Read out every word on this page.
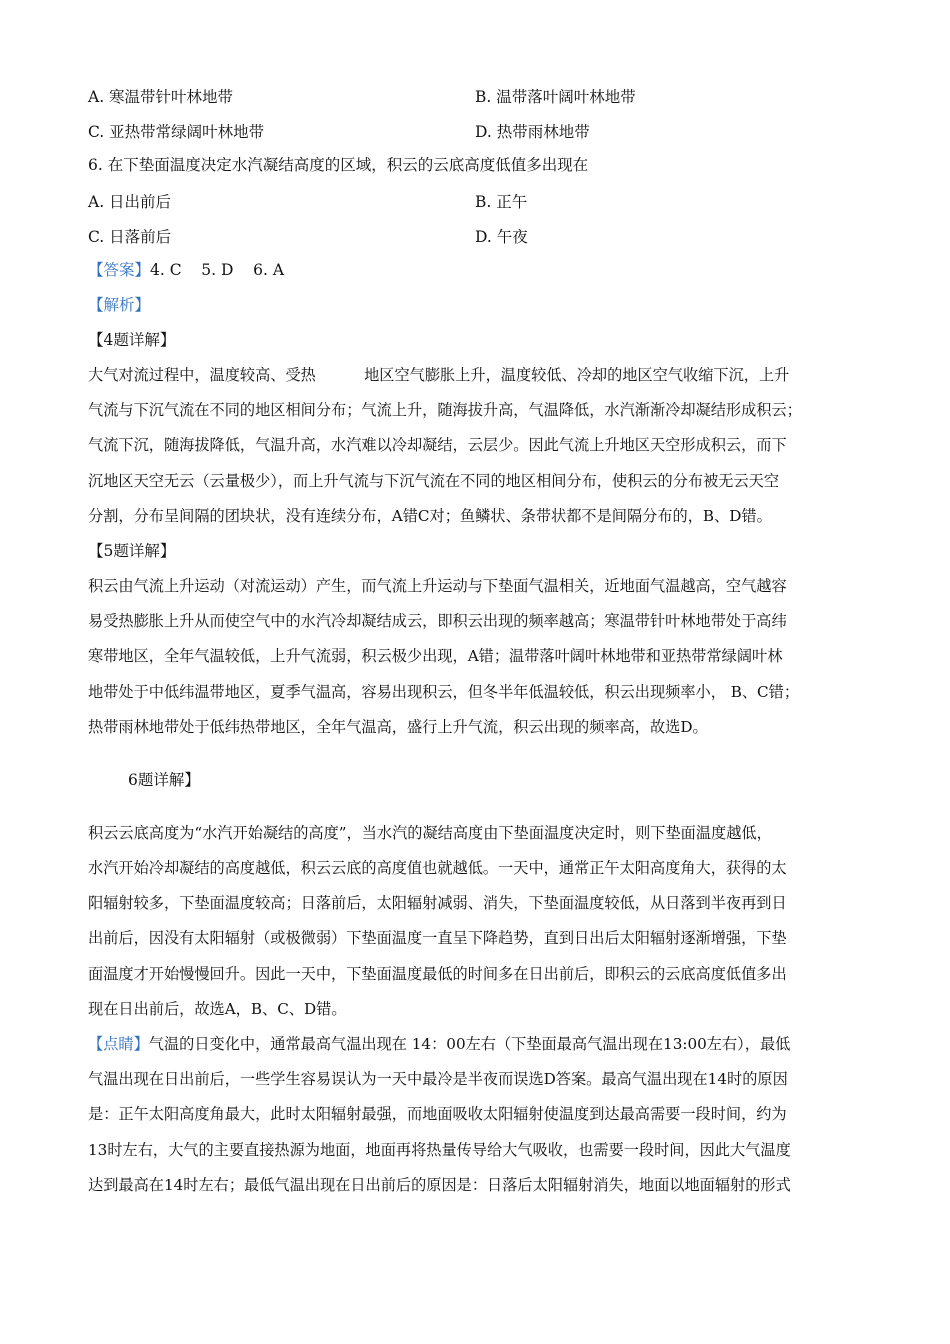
A. 寒温带针叶林地带	B. 温带落叶阔叶林地带
C. 亚热带常绿阔叶林地带	D. 热带雨林地带
6. 在下垫面温度决定水汽凝结高度的区域，积云的云底高度低值多出现在
A. 日出前后	B. 正午
C. 日落前后	D. 午夜
【答案】4. C    5. D    6. A
【解析】
【4题详解】
大气对流过程中，温度较高、受热          地区空气膨胀上升，温度较低、冷却的地区空气收缩下沉，上升
气流与下沉气流在不同的地区相间分布；气流上升，随海拔升高，气温降低，水汽渐渐冷却凝结形成积云；
气流下沉，随海拔降低，气温升高，水汽难以冷却凝结，云层少。因此气流上升地区天空形成积云，而下
沉地区天空无云（云量极少），而上升气流与下沉气流在不同的地区相间分布，使积云的分布被无云天空
分割，分布呈间隔的团块状，没有连续分布，A错C对；鱼鳞状、条带状都不是间隔分布的，B、D错。
【5题详解】
积云由气流上升运动（对流运动）产生，而气流上升运动与下垫面气温相关，近地面气温越高，空气越容
易受热膨胀上升从而使空气中的水汽冷却凝结成云，即积云出现的频率越高；寒温带针叶林地带处于高纬
寒带地区，全年气温较低，上升气流弱，积云极少出现，A错；温带落叶阔叶林地带和亚热带常绿阔叶林
地带处于中低纬温带地区，夏季气温高，容易出现积云，但冬半年低温较低，积云出现频率小， B、C错；
热带雨林地带处于低纬热带地区，全年气温高，盛行上升气流，积云出现的频率高，故选D。
6题详解】
积云云底高度为“水汽开始凝结的高度”，当水汽的凝结高度由下垫面温度决定时，则下垫面温度越低，
水汽开始冷却凝结的高度越低，积云云底的高度值也就越低。一天中，通常正午太阳高度角大，获得的太
阳辐射较多，下垫面温度较高；日落前后，太阳辐射减弱、消失，下垫面温度较低，从日落到半夜再到日
出前后，因没有太阳辐射（或极微弱）下垫面温度一直呈下降趋势，直到日出后太阳辐射逐渐增强，下垫
面温度才开始慢慢回升。因此一天中，下垫面温度最低的时间多在日出前后，即积云的云底高度低值多出
现在日出前后，故选A，B、C、D错。
【点睛】气温的日变化中，通常最高气温出现在 14：00左右（下垫面最高气温出现在13:00左右），最低
气温出现在日出前后，一些学生容易误认为一天中最冷是半夜而误选D答案。最高气温出现在14时的原因
是：正午太阳高度角最大，此时太阳辐射最强，而地面吸收太阳辐射使温度到达最高需要一段时间，约为
13时左右，大气的主要直接热源为地面，地面再将热量传导给大气吸收，也需要一段时间，因此大气温度
达到最高在14时左右；最低气温出现在日出前后的原因是：日落后太阳辐射消失，地面以地面辐射的形式
